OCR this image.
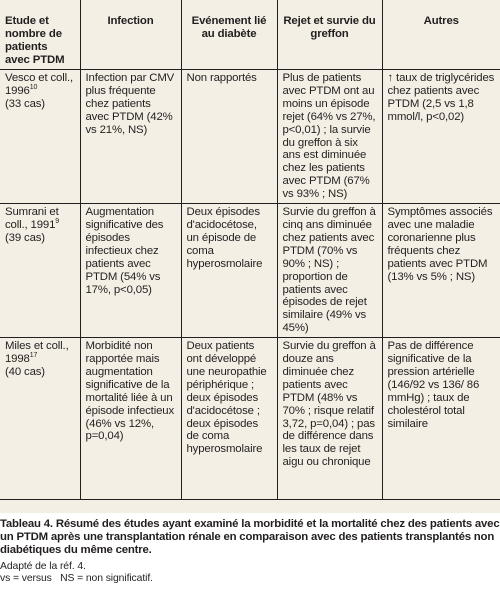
Etude et nombre de patients avec PTDM	Infection	Evénement lié au diabète	Rejet et survie du greffon	Autres
Vesco et coll., 1996$^{10}$
(33 cas)	Infection par CMV plus fréquente chez patients avec PTDM (42% vs 21%, NS)	Non rapportés	Plus de patients avec PTDM ont au moins un épisode rejet (64% vs 27%, p<0,01) ; la survie du greffon à six ans est diminuée chez les patients avec PTDM (67% vs 93% ; NS)	↑ taux de triglycérides chez patients avec PTDM (2,5 vs 1,8 mmol/l, p<0,02)
Sumrani et coll., 1991$^9$
(39 cas)	Augmentation significative des épisodes infectieux chez patients avec PTDM (54% vs 17%, p<0,05)	Deux épisodes d'acidocétose, un épisode de coma hyperosmolaire	Survie du greffon à cinq ans diminuée chez patients avec PTDM (70% vs 90% ; NS) ; proportion de patients avec épisodes de rejet similaire (49% vs 45%)	Symptômes associés avec une maladie coronarienne plus fréquents chez patients avec PTDM (13% vs 5% ; NS)
Miles et coll., 1998$^{17}$
(40 cas)	Morbidité non rapportée mais augmentation significative de la mortalité liée à un épisode infectieux (46% vs 12%, p=0,04)	Deux patients ont développé une neuropathie périphérique ; deux épisodes d'acidocétose ; deux épisodes de coma hyperosmolaire	Survie du greffon à douze ans diminuée chez patients avec PTDM (48% vs 70% ; risque relatif 3,72, p=0,04) ; pas de différence dans les taux de rejet aigu ou chronique	Pas de différence significative de la pression artérielle (146/92 vs 136/ 86 mmHg) ; taux de cholestérol total similaire
Tableau 4. Résumé des études ayant examiné la morbidité et la mortalité chez des patients avec un PTDM après une transplantation rénale en comparaison avec des patients transplantés non diabétiques du même centre.
Adapté de la réf. 4.
vs = versus   NS = non significatif.
